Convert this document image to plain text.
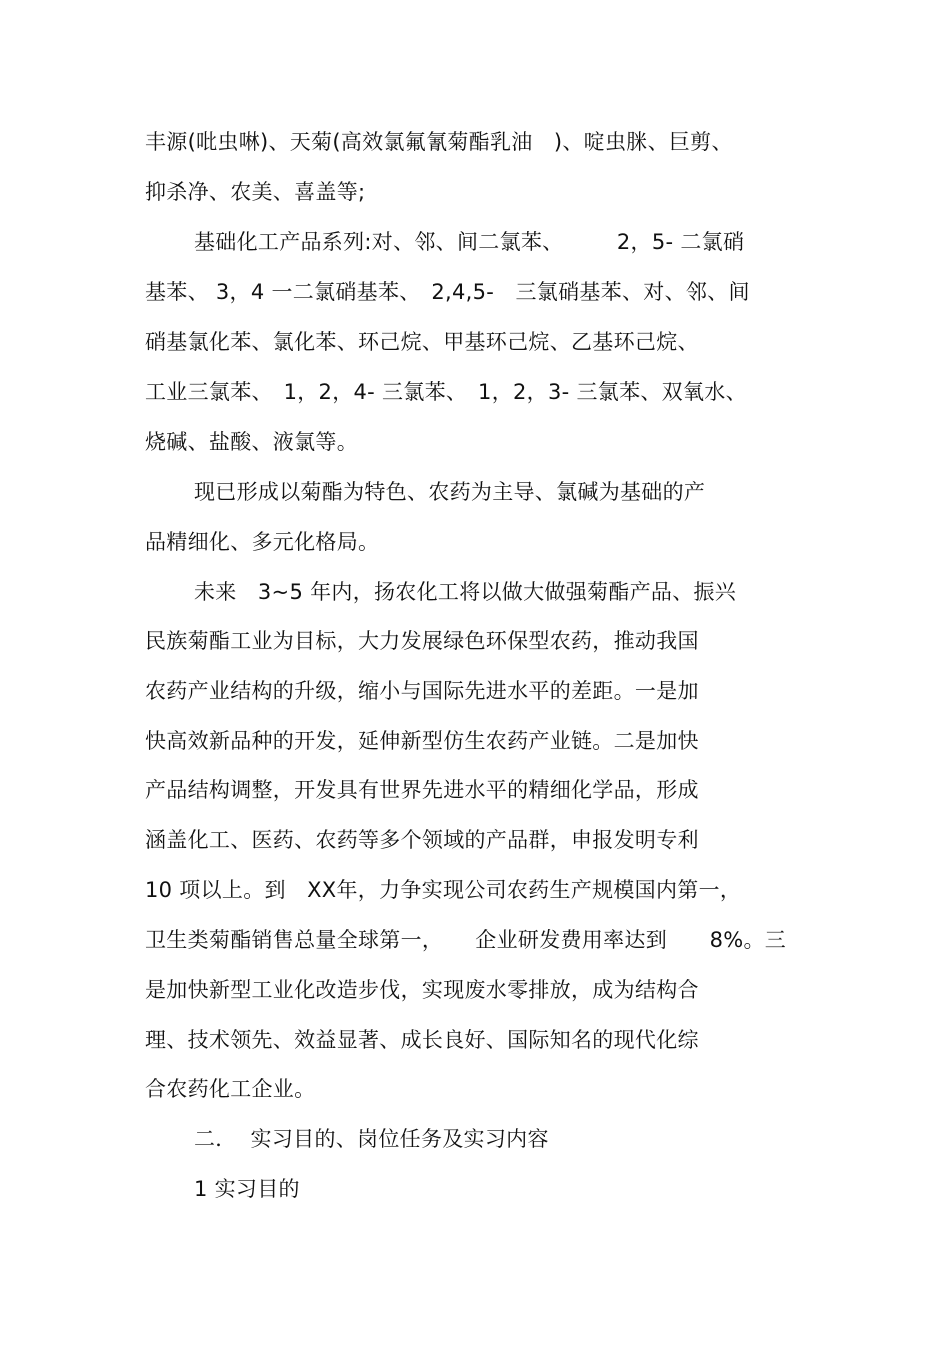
丰源(吡虫啉)、天菊(高效氯氟氰菊酯乳油　)、啶虫脒、巨剪、
抑杀净、农美、喜盖等;
基础化工产品系列:对、邻、间二氯苯、　　　2，5- 二氯硝
基苯、 3，4 一二氯硝基苯、　2,4,5-　三氯硝基苯、对、邻、间
硝基氯化苯、氯化苯、环己烷、甲基环己烷、乙基环己烷、
工业三氯苯、　1，2，4- 三氯苯、　1，2，3- 三氯苯、双氧水、
烧碱、盐酸、液氯等。
现已形成以菊酯为特色、农药为主导、氯碱为基础的产
品精细化、多元化格局。
未来　3~5 年内，扬农化工将以做大做强菊酯产品、振兴
民族菊酯工业为目标，大力发展绿色环保型农药，推动我国
农药产业结构的升级，缩小与国际先进水平的差距。一是加
快高效新品种的开发，延伸新型仿生农药产业链。二是加快
产品结构调整，开发具有世界先进水平的精细化学品，形成
涵盖化工、医药、农药等多个领域的产品群，申报发明专利
10 项以上。到　XX年，力争实现公司农药生产规模国内第一，
卫生类菊酯销售总量全球第一，　　企业研发费用率达到　　8%。三
是加快新型工业化改造步伐，实现废水零排放，成为结构合
理、技术领先、效益显著、成长良好、国际知名的现代化综
合农药化工企业。
二．  实习目的、岗位任务及实习内容
1 实习目的
